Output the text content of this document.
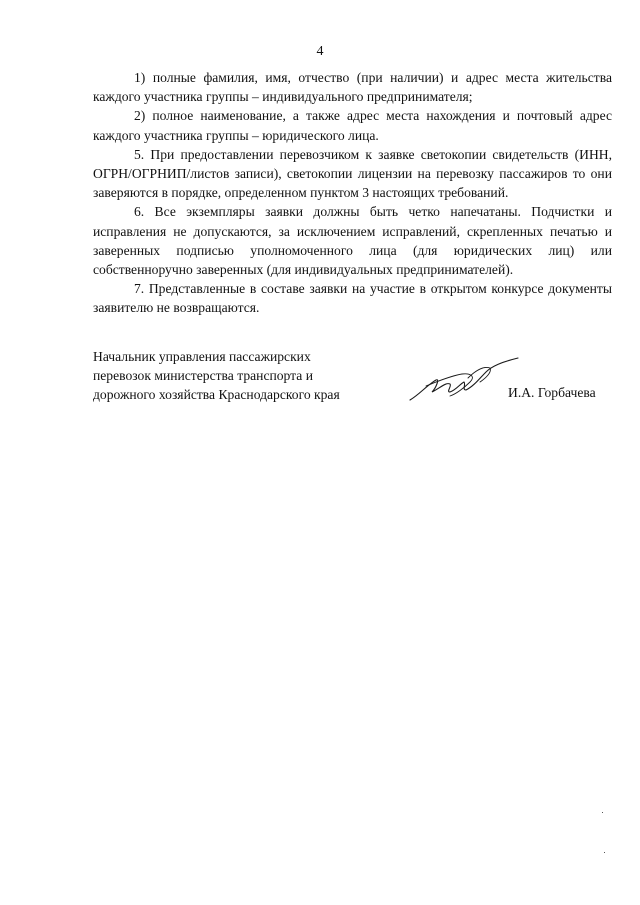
4

1) полные фамилия, имя, отчество (при наличии) и адрес места жительства каждого участника группы – индивидуального предпринимателя;

2) полное наименование, а также адрес места нахождения и почтовый адрес каждого участника группы – юридического лица.

5. При предоставлении перевозчиком к заявке светокопии свидетельств (ИНН, ОГРН/ОГРНИП/листов записи), светокопии лицензии на перевозку пассажиров то они заверяются в порядке, определенном пунктом 3 настоящих требований.

6. Все экземпляры заявки должны быть четко напечатаны. Подчистки и исправления не допускаются, за исключением исправлений, скрепленных печатью и заверенных подписью уполномоченного лица (для юридических лиц) или собственноручно заверенных (для индивидуальных предпринимателей).

7. Представленные в составе заявки на участие в открытом конкурсе документы заявителю не возвращаются.

Начальник управления пассажирских
перевозок министерства транспорта и
дорожного хозяйства Краснодарского края	И.А. Горбачева
